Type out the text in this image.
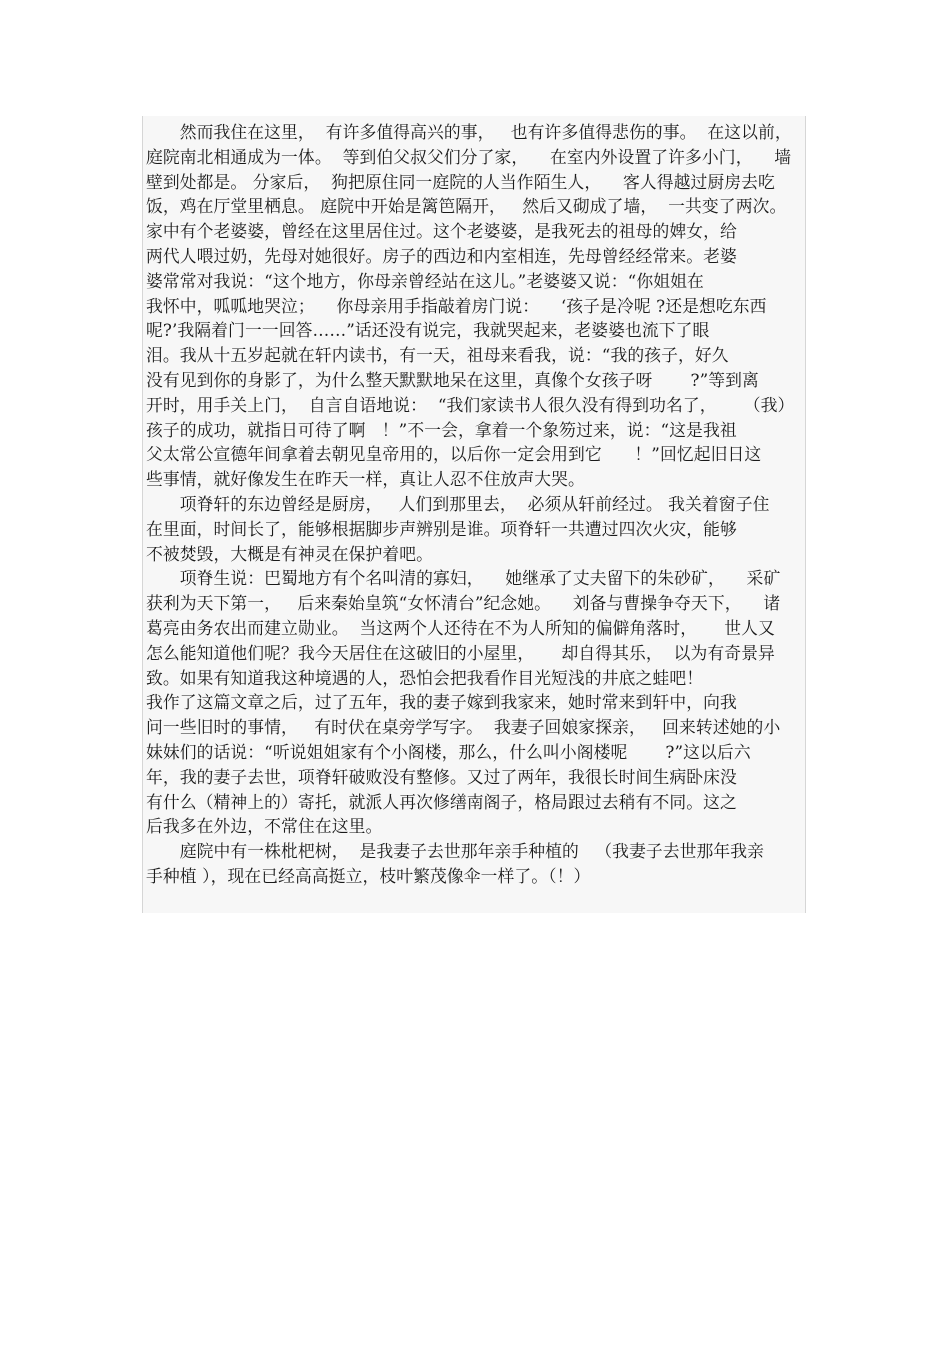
　　然而我住在这里，  有许多值得高兴的事，   也有许多值得悲伤的事。  在这以前，
庭院南北相通成为一体。  等到伯父叔父们分了家，    在室内外设置了许多小门，    墙
壁到处都是。 分家后，  狗把原住同一庭院的人当作陌生人，    客人得越过厨房去吃
饭，鸡在厅堂里栖息。 庭院中开始是篱笆隔开，   然后又砌成了墙，  一共变了两次。
家中有个老婆婆，曾经在这里居住过。这个老婆婆，是我死去的祖母的婢女，给
两代人喂过奶，先母对她很好。房子的西边和内室相连，先母曾经经常来。老婆
婆常常对我说：“这个地方，你母亲曾经站在这儿。”老婆婆又说：“你姐姐在
我怀中，呱呱地哭泣；    你母亲用手指敲着房门说：    ‘孩子是冷呢 ?还是想吃东西
呢?’我隔着门一一回答……”话还没有说完，我就哭起来，老婆婆也流下了眼
泪。我从十五岁起就在轩内读书，有一天，祖母来看我，说：“我的孩子，好久
没有见到你的身影了，为什么整天默默地呆在这里，真像个女孩子呀       ?”等到离
开时，用手关上门，  自言自语地说：  “我们家读书人很久没有得到功名了，     （我）
孩子的成功，就指日可待了啊   ！”不一会，拿着一个象笏过来，说：“这是我祖
父太常公宣德年间拿着去朝见皇帝用的，以后你一定会用到它      ！”回忆起旧日这
些事情，就好像发生在昨天一样，真让人忍不住放声大哭。
　　项脊轩的东边曾经是厨房，   人们到那里去，  必须从轩前经过。 我关着窗子住
在里面，时间长了，能够根据脚步声辨别是谁。项脊轩一共遭过四次火灾，能够
不被焚毁，大概是有神灵在保护着吧。
　　项脊生说：巴蜀地方有个名叫清的寡妇，    她继承了丈夫留下的朱砂矿，    采矿
获利为天下第一，   后来秦始皇筑“女怀清台”纪念她。    刘备与曹操争夺天下，    诸
葛亮由务农出而建立勋业。  当这两个人还待在不为人所知的偏僻角落时，     世人又
怎么能知道他们呢？我今天居住在这破旧的小屋里，     却自得其乐，  以为有奇景异
致。如果有知道我这种境遇的人，恐怕会把我看作目光短浅的井底之蛙吧！
我作了这篇文章之后，过了五年，我的妻子嫁到我家来，她时常来到轩中，向我
问一些旧时的事情，   有时伏在桌旁学写字。  我妻子回娘家探亲，   回来转述她的小
妹妹们的话说：“听说姐姐家有个小阁楼，那么，什么叫小阁楼呢       ?”这以后六
年，我的妻子去世，项脊轩破败没有整修。又过了两年，我很长时间生病卧床没
有什么（精神上的）寄托，就派人再次修缮南阁子，格局跟过去稍有不同。这之
后我多在外边，不常住在这里。
　　庭院中有一株枇杷树，  是我妻子去世那年亲手种植的   （我妻子去世那年我亲
手种植 ），现在已经高高挺立，枝叶繁茂像伞一样了。（！）
